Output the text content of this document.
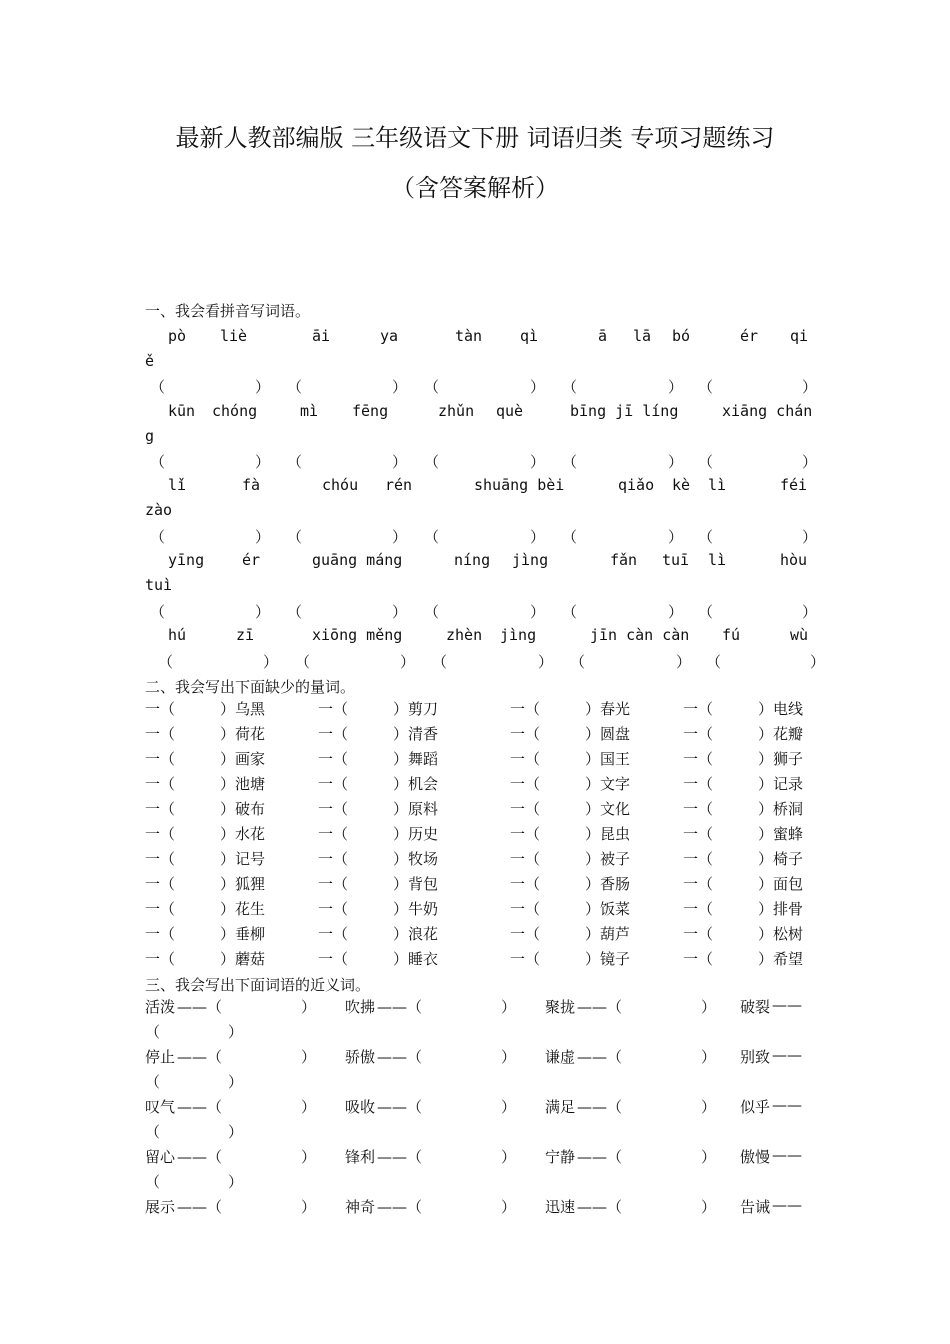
最新人教部编版 三年级语文下册 词语归类 专项习题练习
（含答案解析）
一、我会看拼音写词语。
pò liè	āi	ya	tàn	qì	ā lā bó	ér qi
ě
（	） （	） （	） （	） （	）
kūn chóng	mì fēng	zhǔn què	bīng jī líng	xiāng chán
g
（	） （	） （	） （	） （	）
lǐ	fà	chóu rén	shuāng bèi	qiǎo kè lì	féi
zào
（	） （	） （	） （	） （	）
yīng	ér	guāng máng	níng jìng	fǎn tuī lì	hòu
tuì
（	） （	） （	） （	） （	）
hú	zī	xiōng měng	zhèn jìng	jīn càn càn fú	wù
（	） （	） （	） （	） （	）
二、我会写出下面缺少的量词。
一（	） 乌黑	一（	） 剪刀	一（	） 春光	一（	） 电线
一（	） 荷花	一（	） 清香	一（	） 圆盘	一（	） 花瓣
一（	） 画家	一（	） 舞蹈	一（	） 国王	一（	） 狮子
一（	） 池塘	一（	） 机会	一（	） 文字	一（	） 记录
一（	） 破布	一（	） 原料	一（	） 文化	一（	） 桥洞
一（	） 水花	一（	） 历史	一（	） 昆虫	一（	） 蜜蜂
一（	） 记号	一（	） 牧场	一（	） 被子	一（	） 椅子
一（	） 狐狸	一（	） 背包	一（	） 香肠	一（	） 面包
一（	） 花生	一（	） 牛奶	一（	） 饭菜	一（	） 排骨
一（	） 垂柳	一（	） 浪花	一（	） 葫芦	一（	） 松树
一（	） 蘑菇	一（	） 睡衣	一（	） 镜子	一（	） 希望
三、我会写出下面词语的近义词。
活泼 ——（	） 吹拂 ——（	） 聚拢 ——（	） 破裂 ——
（	）
停止 ——（	） 骄傲 ——（	） 谦虚 ——（	） 别致 ——
（	）
叹气 ——（	） 吸收 ——（	） 满足 ——（	） 似乎 ——
（	）
留心 ——（	） 锋利 ——（	） 宁静 ——（	） 傲慢 ——
（	）
展示 ——（	） 神奇 ——（	） 迅速 ——（	） 告诫 ——
